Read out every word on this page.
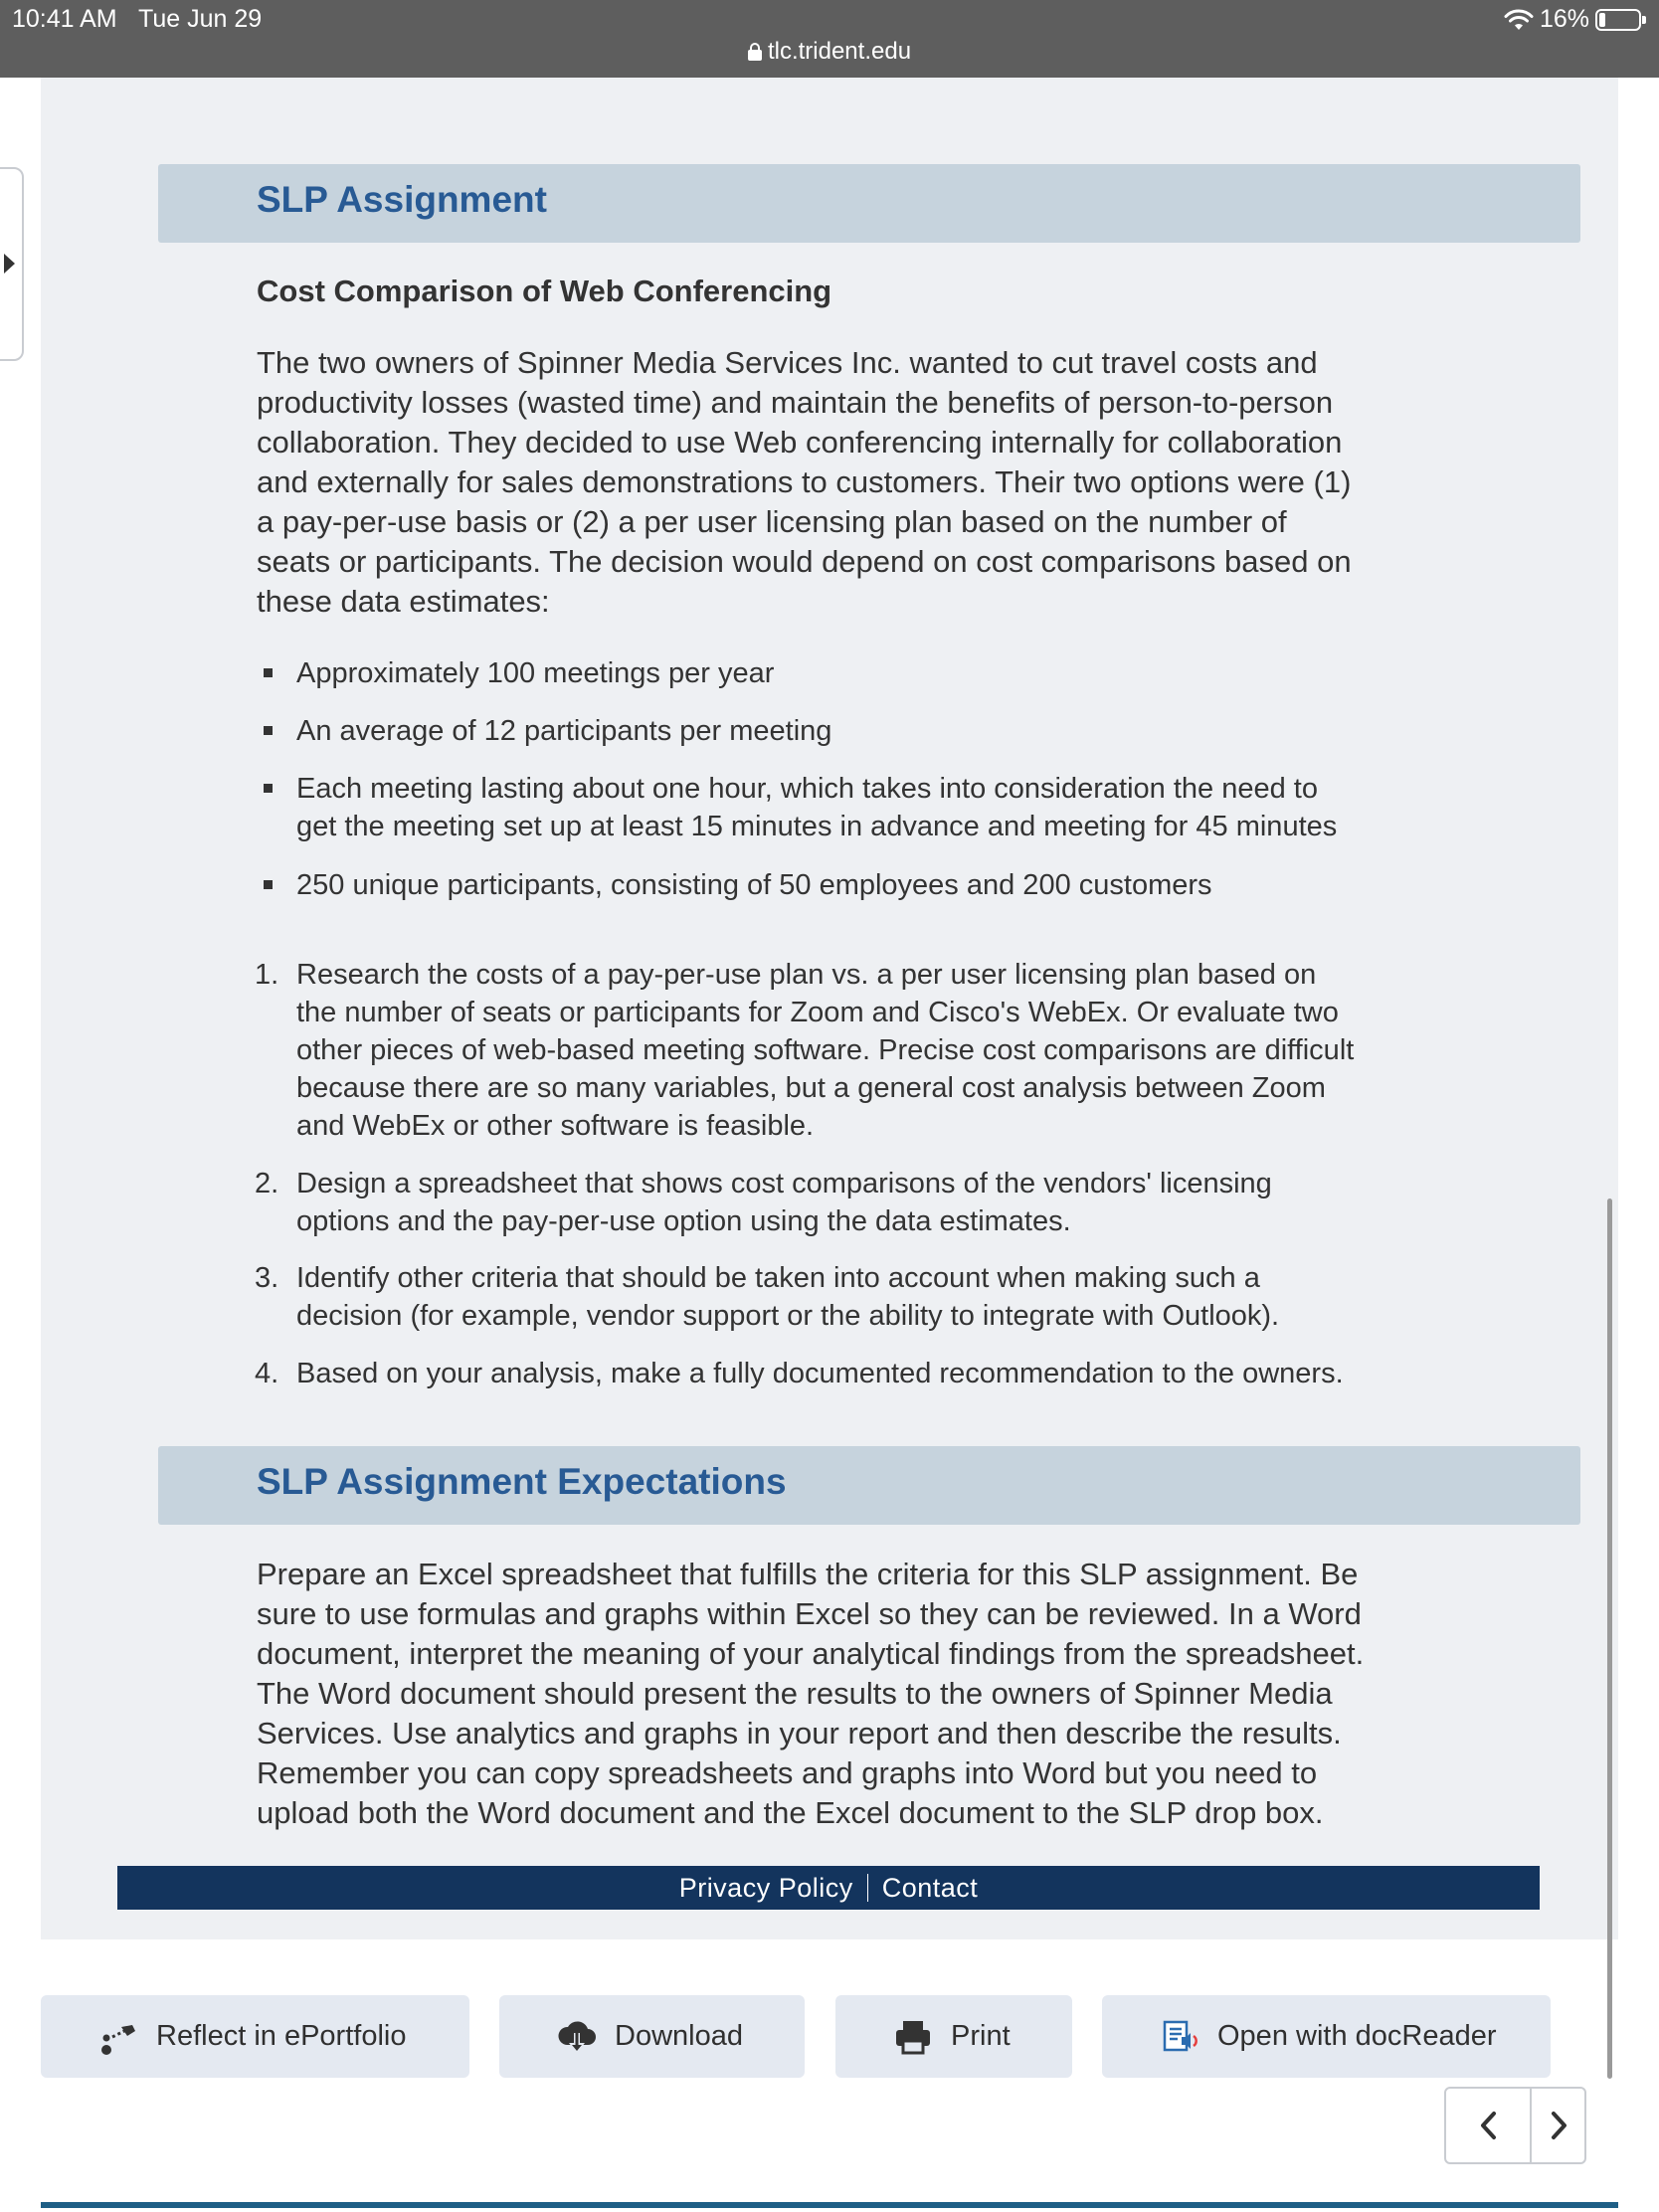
10:41 AM Tue Jun 29	16%
tlc.trident.edu
SLP Assignment
Cost Comparison of Web Conferencing
The two owners of Spinner Media Services Inc. wanted to cut travel costs and
productivity losses (wasted time) and maintain the benefits of person-to-person
collaboration. They decided to use Web conferencing internally for collaboration
and externally for sales demonstrations to customers. Their two options were (1)
a pay-per-use basis or (2) a per user licensing plan based on the number of
seats or participants. The decision would depend on cost comparisons based on
these data estimates:
Approximately 100 meetings per year
An average of 12 participants per meeting
Each meeting lasting about one hour, which takes into consideration the need to
get the meeting set up at least 15 minutes in advance and meeting for 45 minutes
250 unique participants, consisting of 50 employees and 200 customers
1. Research the costs of a pay-per-use plan vs. a per user licensing plan based on
the number of seats or participants for Zoom and Cisco's WebEx. Or evaluate two
other pieces of web-based meeting software. Precise cost comparisons are difficult
because there are so many variables, but a general cost analysis between Zoom
and WebEx or other software is feasible.
2. Design a spreadsheet that shows cost comparisons of the vendors' licensing
options and the pay-per-use option using the data estimates.
3. Identify other criteria that should be taken into account when making such a
decision (for example, vendor support or the ability to integrate with Outlook).
4. Based on your analysis, make a fully documented recommendation to the owners.
SLP Assignment Expectations
Prepare an Excel spreadsheet that fulfills the criteria for this SLP assignment. Be
sure to use formulas and graphs within Excel so they can be reviewed. In a Word
document, interpret the meaning of your analytical findings from the spreadsheet.
The Word document should present the results to the owners of Spinner Media
Services. Use analytics and graphs in your report and then describe the results.
Remember you can copy spreadsheets and graphs into Word but you need to
upload both the Word document and the Excel document to the SLP drop box.
Privacy Policy Contact
Reflect in ePortfolio	Download	Print	Open with docReader
